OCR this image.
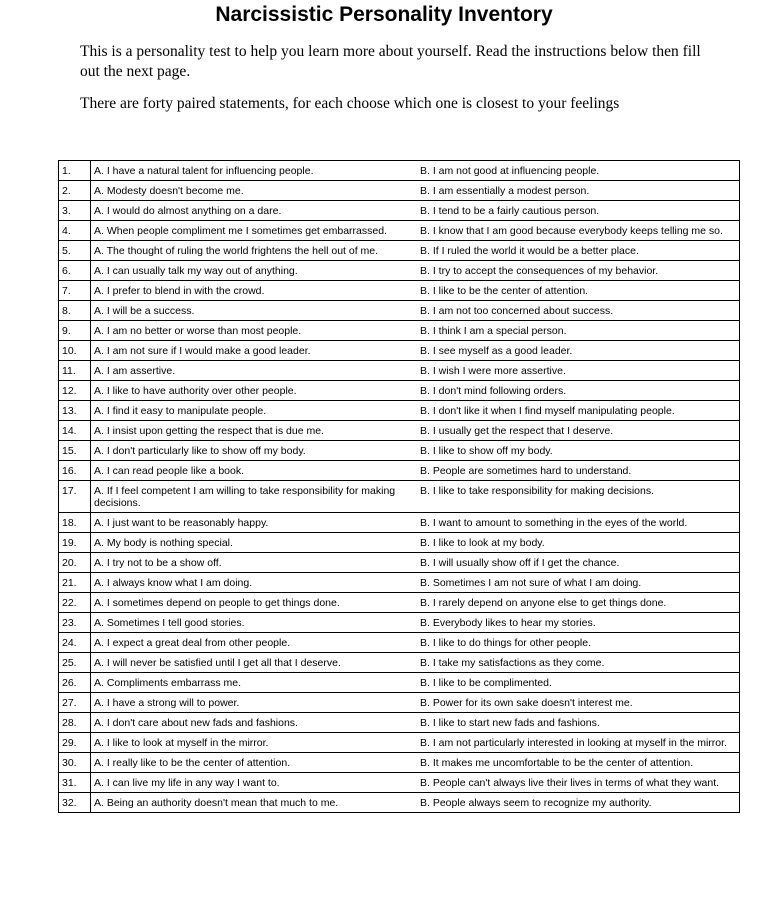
Narcissistic Personality Inventory

This is a personality test to help you learn more about yourself. Read the instructions below then fill out the next page.

There are forty paired statements, for each choose which one is closest to your feelings

1.	A. I have a natural talent for influencing people.	B. I am not good at influencing people.
2.	A. Modesty doesn't become me.	B. I am essentially a modest person.
3.	A. I would do almost anything on a dare.	B. I tend to be a fairly cautious person.
4.	A. When people compliment me I sometimes get embarrassed.	B. I know that I am good because everybody keeps telling me so.
5.	A. The thought of ruling the world frightens the hell out of me.	B. If I ruled the world it would be a better place.
6.	A. I can usually talk my way out of anything.	B. I try to accept the consequences of my behavior.
7.	A. I prefer to blend in with the crowd.	B. I like to be the center of attention.
8.	A. I will be a success.	B. I am not too concerned about success.
9.	A. I am no better or worse than most people.	B. I think I am a special person.
10.	A. I am not sure if I would make a good leader.	B. I see myself as a good leader.
11.	A. I am assertive.	B. I wish I were more assertive.
12.	A. I like to have authority over other people.	B. I don't mind following orders.
13.	A. I find it easy to manipulate people.	B. I don't like it when I find myself manipulating people.
14.	A. I insist upon getting the respect that is due me.	B. I usually get the respect that I deserve.
15.	A. I don't particularly like to show off my body.	B. I like to show off my body.
16.	A. I can read people like a book.	B. People are sometimes hard to understand.
17.	A. If I feel competent I am willing to take responsibility for making decisions.	B. I like to take responsibility for making decisions.
18.	A. I just want to be reasonably happy.	B. I want to amount to something in the eyes of the world.
19.	A. My body is nothing special.	B. I like to look at my body.
20.	A. I try not to be a show off.	B. I will usually show off if I get the chance.
21.	A. I always know what I am doing.	B. Sometimes I am not sure of what I am doing.
22.	A. I sometimes depend on people to get things done.	B. I rarely depend on anyone else to get things done.
23.	A. Sometimes I tell good stories.	B. Everybody likes to hear my stories.
24.	A. I expect a great deal from other people.	B. I like to do things for other people.
25.	A. I will never be satisfied until I get all that I deserve.	B. I take my satisfactions as they come.
26.	A. Compliments embarrass me.	B. I like to be complimented.
27.	A. I have a strong will to power.	B. Power for its own sake doesn't interest me.
28.	A. I don't care about new fads and fashions.	B. I like to start new fads and fashions.
29.	A. I like to look at myself in the mirror.	B. I am not particularly interested in looking at myself in the mirror.
30.	A. I really like to be the center of attention.	B. It makes me uncomfortable to be the center of attention.
31.	A. I can live my life in any way I want to.	B. People can't always live their lives in terms of what they want.
32.	A. Being an authority doesn't mean that much to me.	B. People always seem to recognize my authority.
